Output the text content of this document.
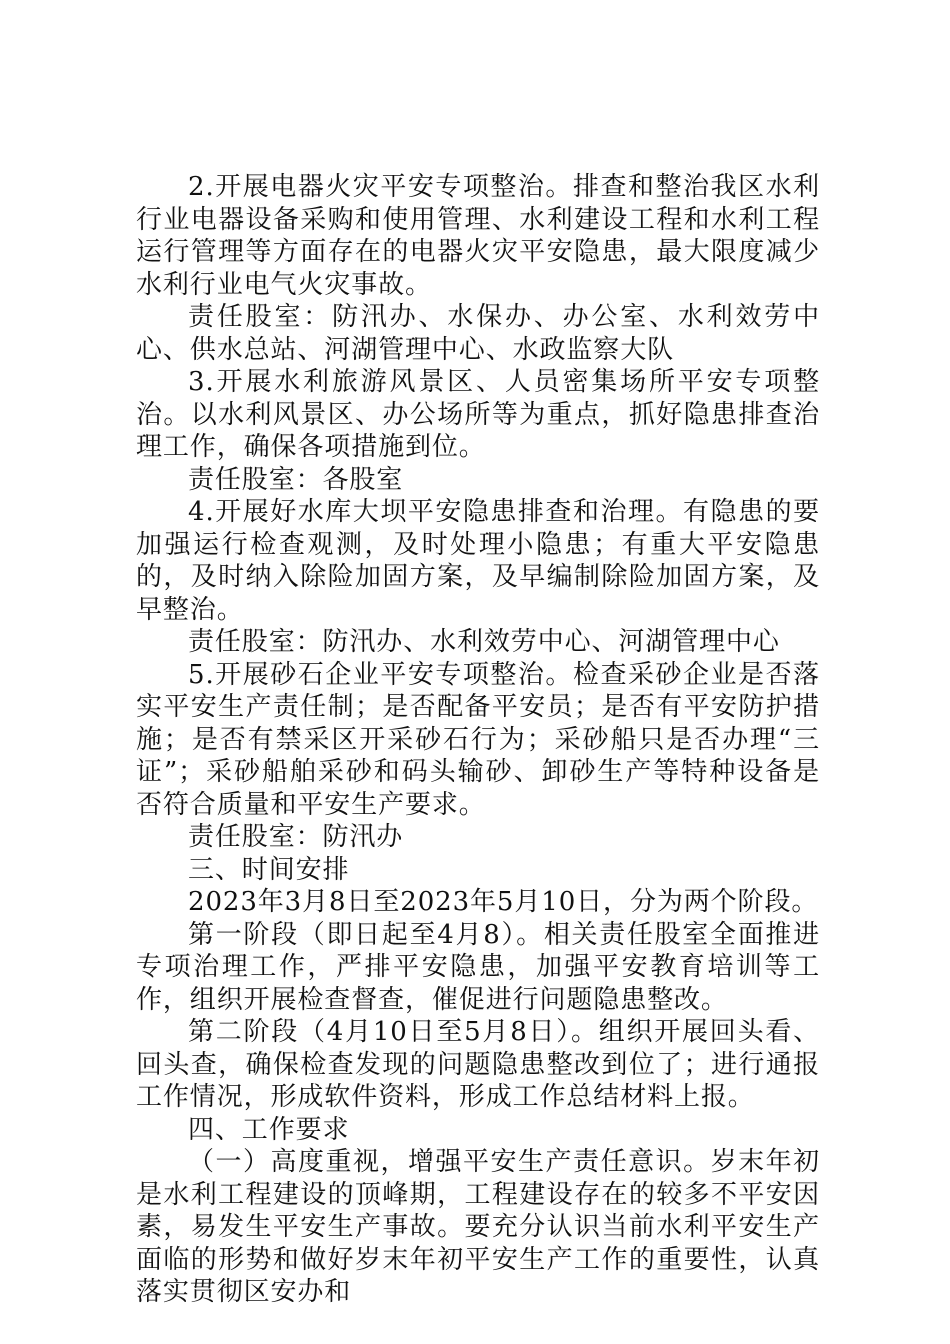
2.开展电器火灾平安专项整治。排查和整治我区水利行业电器设备采购和使用管理、水利建设工程和水利工程运行管理等方面存在的电器火灾平安隐患，最大限度减少水利行业电气火灾事故。

责任股室：防汛办、水保办、办公室、水利效劳中心、供水总站、河湖管理中心、水政监察大队

3.开展水利旅游风景区、人员密集场所平安专项整治。以水利风景区、办公场所等为重点，抓好隐患排查治理工作，确保各项措施到位。

责任股室：各股室

4.开展好水库大坝平安隐患排查和治理。有隐患的要加强运行检查观测，及时处理小隐患；有重大平安隐患的，及时纳入除险加固方案，及早编制除险加固方案，及早整治。

责任股室：防汛办、水利效劳中心、河湖管理中心

5.开展砂石企业平安专项整治。检查采砂企业是否落实平安生产责任制；是否配备平安员；是否有平安防护措施；是否有禁采区开采砂石行为；采砂船只是否办理“三证”；采砂船舶采砂和码头输砂、卸砂生产等特种设备是否符合质量和平安生产要求。

责任股室：防汛办

三、时间安排

2023年3月8日至2023年5月10日，分为两个阶段。

第一阶段（即日起至4月8）。相关责任股室全面推进专项治理工作，严排平安隐患，加强平安教育培训等工作，组织开展检查督查，催促进行问题隐患整改。

第二阶段（4月10日至5月8日）。组织开展回头看、回头查，确保检查发现的问题隐患整改到位了；进行通报工作情况，形成软件资料，形成工作总结材料上报。

四、工作要求

（一）高度重视，增强平安生产责任意识。岁末年初是水利工程建设的顶峰期，工程建设存在的较多不平安因素，易发生平安生产事故。要充分认识当前水利平安生产面临的形势和做好岁末年初平安生产工作的重要性，认真落实贯彻区安办和
